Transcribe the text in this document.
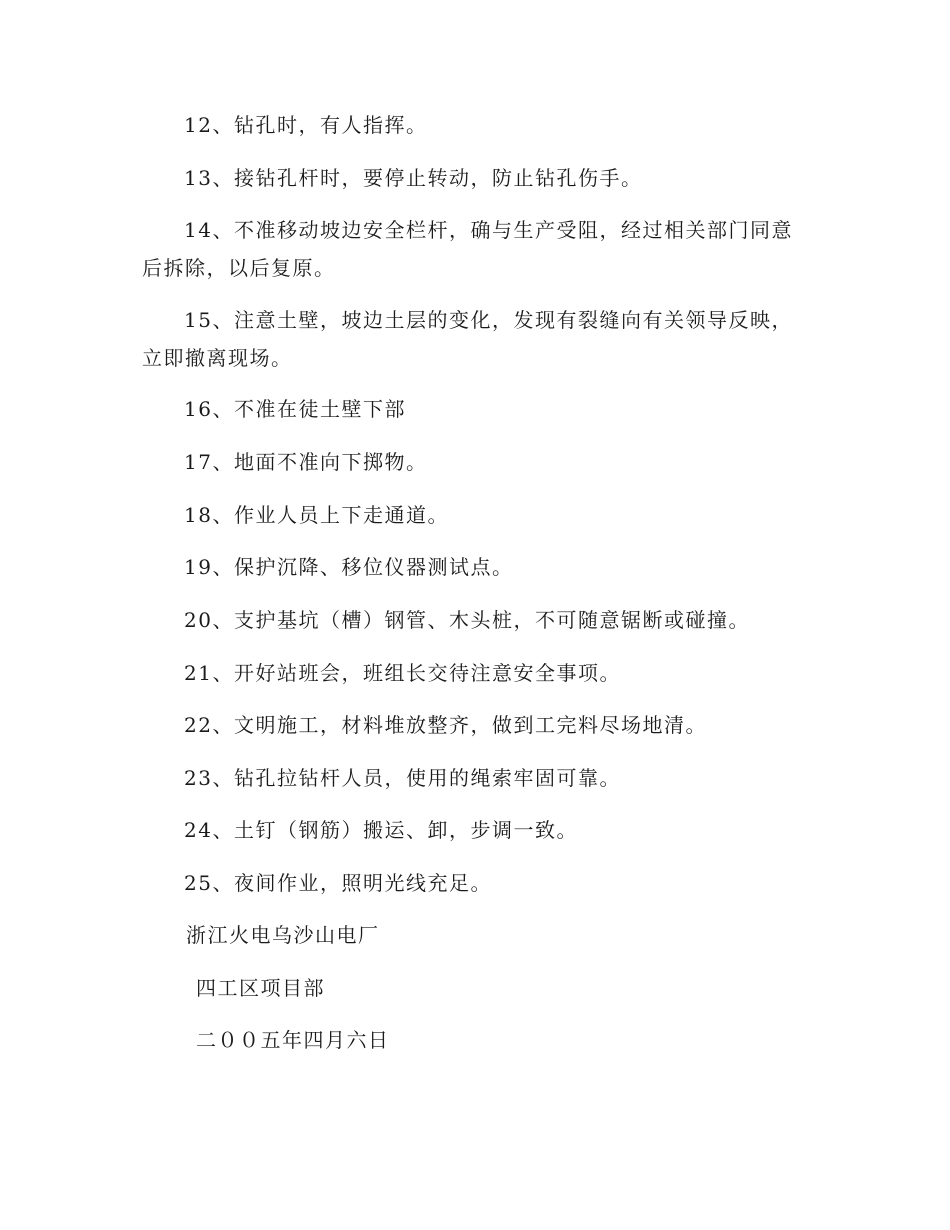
12、钻孔时，有人指挥。

13、接钻孔杆时，要停止转动，防止钻孔伤手。

14、不准移动坡边安全栏杆，确与生产受阻，经过相关部门同意后拆除，以后复原。

15、注意土壁，坡边土层的变化，发现有裂缝向有关领导反映，立即撤离现场。

16、不准在徒土壁下部

17、地面不准向下掷物。

18、作业人员上下走通道。

19、保护沉降、移位仪器测试点。

20、支护基坑（槽）钢管、木头桩，不可随意锯断或碰撞。

21、开好站班会，班组长交待注意安全事项。

22、文明施工，材料堆放整齐，做到工完料尽场地清。

23、钻孔拉钻杆人员，使用的绳索牢固可靠。

24、土钉（钢筋）搬运、卸，步调一致。

25、夜间作业，照明光线充足。

浙江火电乌沙山电厂

四工区项目部

二００五年四月六日
